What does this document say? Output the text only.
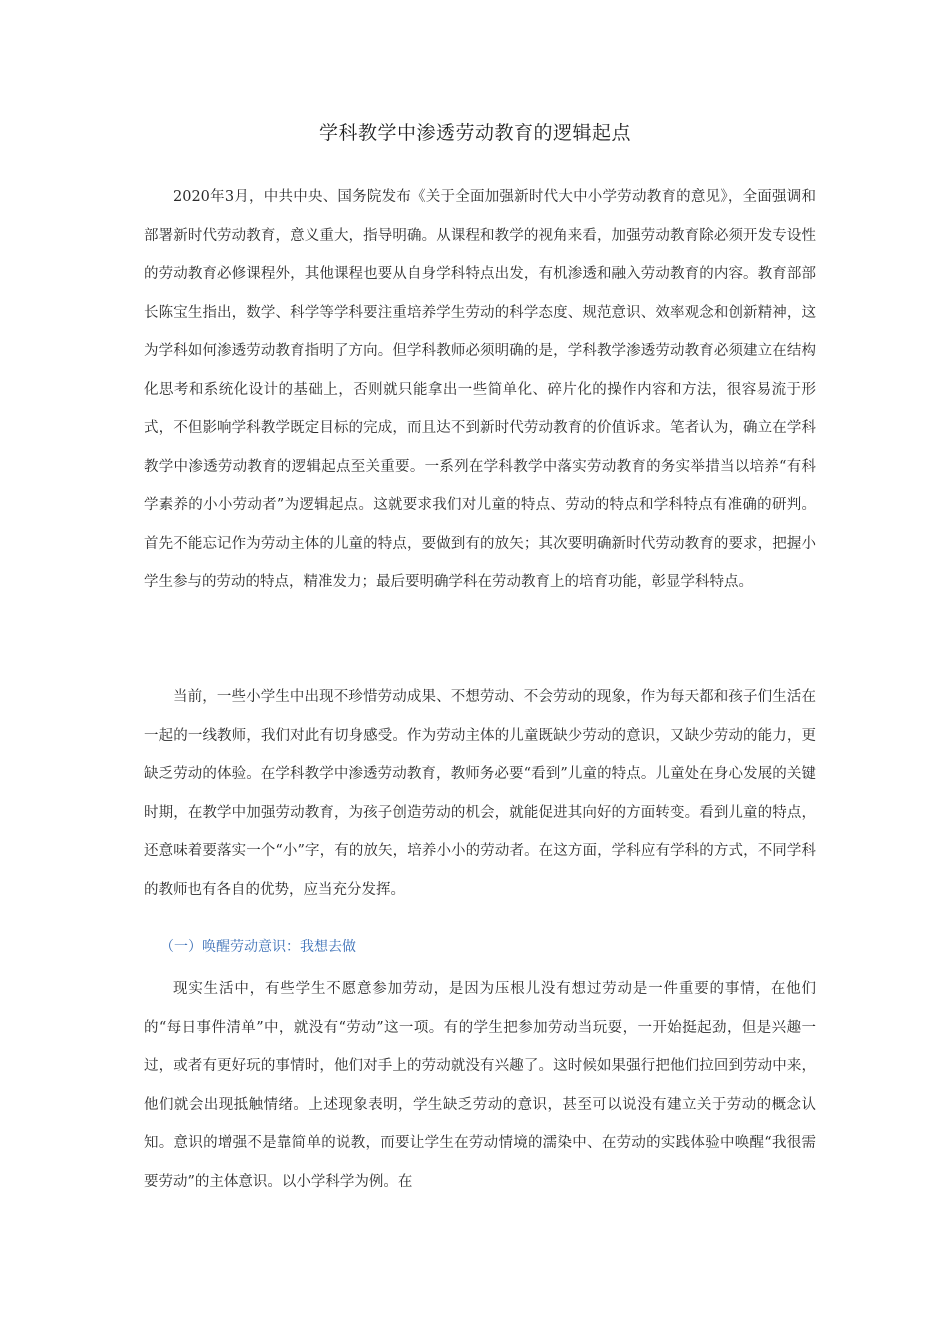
学科教学中渗透劳动教育的逻辑起点

2020年3月，中共中央、国务院发布《关于全面加强新时代大中小学劳动教育的意见》，全面强调和部署新时代劳动教育，意义重大，指导明确。从课程和教学的视角来看，加强劳动教育除必须开发专设性的劳动教育必修课程外，其他课程也要从自身学科特点出发，有机渗透和融入劳动教育的内容。教育部部长陈宝生指出，数学、科学等学科要注重培养学生劳动的科学态度、规范意识、效率观念和创新精神，这为学科如何渗透劳动教育指明了方向。但学科教师必须明确的是，学科教学渗透劳动教育必须建立在结构化思考和系统化设计的基础上，否则就只能拿出一些简单化、碎片化的操作内容和方法，很容易流于形式，不但影响学科教学既定目标的完成，而且达不到新时代劳动教育的价值诉求。笔者认为，确立在学科教学中渗透劳动教育的逻辑起点至关重要。一系列在学科教学中落实劳动教育的务实举措当以培养“有科学素养的小小劳动者”为逻辑起点。这就要求我们对儿童的特点、劳动的特点和学科特点有准确的研判。首先不能忘记作为劳动主体的儿童的特点，要做到有的放矢；其次要明确新时代劳动教育的要求，把握小学生参与的劳动的特点，精准发力；最后要明确学科在劳动教育上的培育功能，彰显学科特点。

当前，一些小学生中出现不珍惜劳动成果、不想劳动、不会劳动的现象，作为每天都和孩子们生活在一起的一线教师，我们对此有切身感受。作为劳动主体的儿童既缺少劳动的意识，又缺少劳动的能力，更缺乏劳动的体验。在学科教学中渗透劳动教育，教师务必要“看到”儿童的特点。儿童处在身心发展的关键时期，在教学中加强劳动教育，为孩子创造劳动的机会，就能促进其向好的方面转变。看到儿童的特点，还意味着要落实一个“小”字，有的放矢，培养小小的劳动者。在这方面，学科应有学科的方式，不同学科的教师也有各自的优势，应当充分发挥。

（一）唤醒劳动意识：我想去做

现实生活中，有些学生不愿意参加劳动，是因为压根儿没有想过劳动是一件重要的事情，在他们的“每日事件清单”中，就没有“劳动”这一项。有的学生把参加劳动当玩耍，一开始挺起劲，但是兴趣一过，或者有更好玩的事情时，他们对手上的劳动就没有兴趣了。这时候如果强行把他们拉回到劳动中来，他们就会出现抵触情绪。上述现象表明，学生缺乏劳动的意识，甚至可以说没有建立关于劳动的概念认知。意识的增强不是靠简单的说教，而要让学生在劳动情境的濡染中、在劳动的实践体验中唤醒“我很需要劳动”的主体意识。以小学科学为例。在
